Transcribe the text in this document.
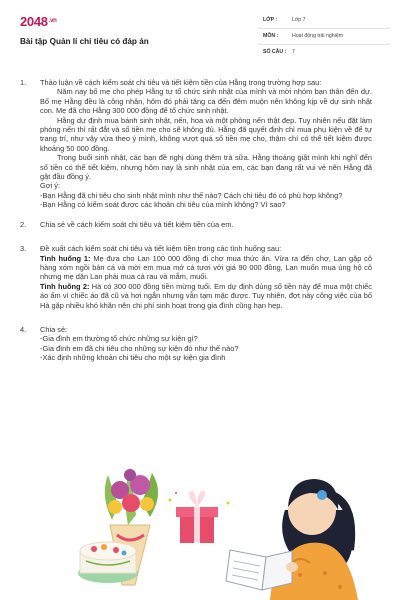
$2048^{.vn}$
Bài tập Quản lí chi tiêu có đáp án
LỚP :	Lớp 7
MÔN :	Hoạt động trải nghiệm
SỐ CÂU : 7
1. Thảo luận về cách kiểm soát chi tiêu và tiết kiệm tiền của Hằng trong trường hợp sau:

Năm nay bố mẹ cho phép Hằng tự tổ chức sinh nhật của mình và mời nhóm bạn thân đến dự. Bố mẹ Hằng đều là công nhân, hôm đó phải tăng ca đến đêm muộn nên không kịp về dự sinh nhật con. Mẹ đã cho Hằng 300 000 đồng để tổ chức sinh nhật.

Hằng dự định mua bánh sinh nhật, nến, hoa và một phòng nến thật đẹp. Tuy nhiên nếu đặt làm phòng nến thì rất đắt và số tiền mẹ cho sẽ không đủ. Hằng đã quyết định chỉ mua phụ kiện về để tự trang trí, như vậy vừa theo ý mình, không vượt quá số tiền mẹ cho, thậm chí có thể tiết kiệm được khoảng 50 000 đồng.

Trong buổi sinh nhật, các bạn đề nghị dùng thêm trà sữa. Hằng thoáng giật mình khi nghĩ đến số tiền có thể tiết kiệm, nhưng hôm nay là sinh nhật của em, các bạn đang rất vui vẻ nên Hằng đã gật đầu đồng ý.

Gợi ý:

-Bạn Hằng đã chi tiêu cho sinh nhật mình như thế nào? Cách chi tiêu đó có phù hợp không?

-Bạn Hằng có kiểm soát được các khoản chi tiêu của mình không? Vì sao?

2. Chia sẻ về cách kiểm soát chi tiêu và tiết kiệm tiền của em.

3. Đề xuất cách kiểm soát chi tiêu và tiết kiệm tiền trong các tình huống sau:

Tình huống 1: Mẹ đưa cho Lan 100 000 đồng đi chợ mua thức ăn. Vừa ra đến chợ, Lan gặp cô hàng xóm ngồi bán cá và mời em mua mớ cá tươi với giá 90 000 đồng, Lan muốn mua ủng hộ cô nhưng mẹ dặn Lan phải mua cả rau và mắm, muối.

Tình huống 2: Hà có 300 000 đồng tiền mừng tuổi. Em dự định dùng số tiền này để mua một chiếc áo ấm vì chiếc áo đã cũ và hơi ngắn nhưng vẫn tạm mặc được. Tuy nhiên, đợt này công việc của bố Hà gặp nhiều khó khăn nên chi phí sinh hoạt trong gia đình cũng hạn hẹp.

4. Chia sẻ:

-Gia đình em thường tổ chức những sự kiện gì?

-Gia đình em đã chi tiêu cho những sự kiện đó như thế nào?

-Xác định những khoản chi tiêu cho một sự kiện gia đình
